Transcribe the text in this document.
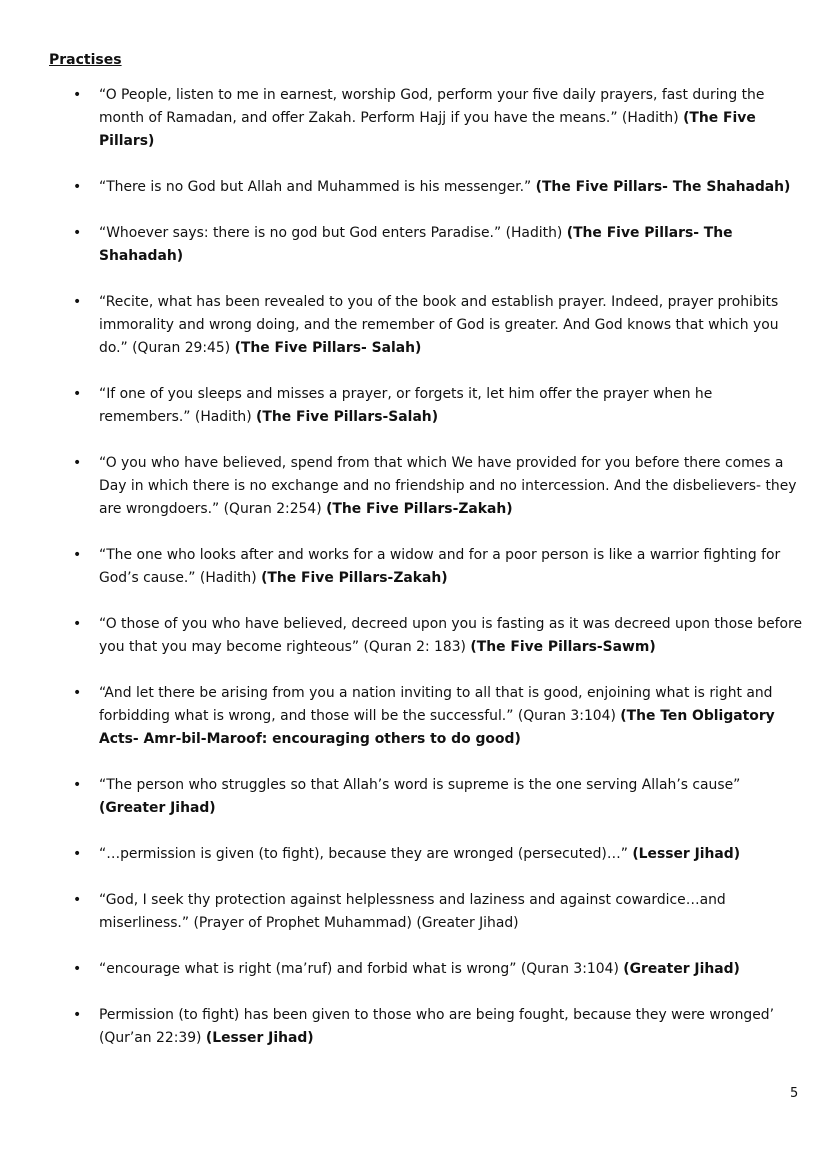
Practises
• “O People, listen to me in earnest, worship God, perform your five daily prayers, fast during the month of Ramadan, and offer Zakah. Perform Hajj if you have the means.” (Hadith) (The Five Pillars)
• “There is no God but Allah and Muhammed is his messenger.” (The Five Pillars- The Shahadah)
• “Whoever says: there is no god but God enters Paradise.” (Hadith) (The Five Pillars- The Shahadah)
• “Recite, what has been revealed to you of the book and establish prayer. Indeed, prayer prohibits immorality and wrong doing, and the remember of God is greater. And God knows that which you do.” (Quran 29:45) (The Five Pillars- Salah)
• “If one of you sleeps and misses a prayer, or forgets it, let him offer the prayer when he remembers.” (Hadith) (The Five Pillars-Salah)
• “O you who have believed, spend from that which We have provided for you before there comes a Day in which there is no exchange and no friendship and no intercession. And the disbelievers- they are wrongdoers.” (Quran 2:254) (The Five Pillars-Zakah)
• “The one who looks after and works for a widow and for a poor person is like a warrior fighting for God’s cause.” (Hadith) (The Five Pillars-Zakah)
• “O those of you who have believed, decreed upon you is fasting as it was decreed upon those before you that you may become righteous” (Quran 2: 183) (The Five Pillars-Sawm)
• “And let there be arising from you a nation inviting to all that is good, enjoining what is right and forbidding what is wrong, and those will be the successful.” (Quran 3:104) (The Ten Obligatory Acts- Amr-bil-Maroof: encouraging others to do good)
• “The person who struggles so that Allah’s word is supreme is the one serving Allah’s cause” (Greater Jihad)
• “…permission is given (to fight), because they are wronged (persecuted)…” (Lesser Jihad)
• “God, I seek thy protection against helplessness and laziness and against cowardice…and miserliness.” (Prayer of Prophet Muhammad) (Greater Jihad)
• “encourage what is right (ma’ruf) and forbid what is wrong” (Quran 3:104) (Greater Jihad)
• Permission (to fight) has been given to those who are being fought, because they were wronged’ (Qur’an 22:39) (Lesser Jihad)
5
